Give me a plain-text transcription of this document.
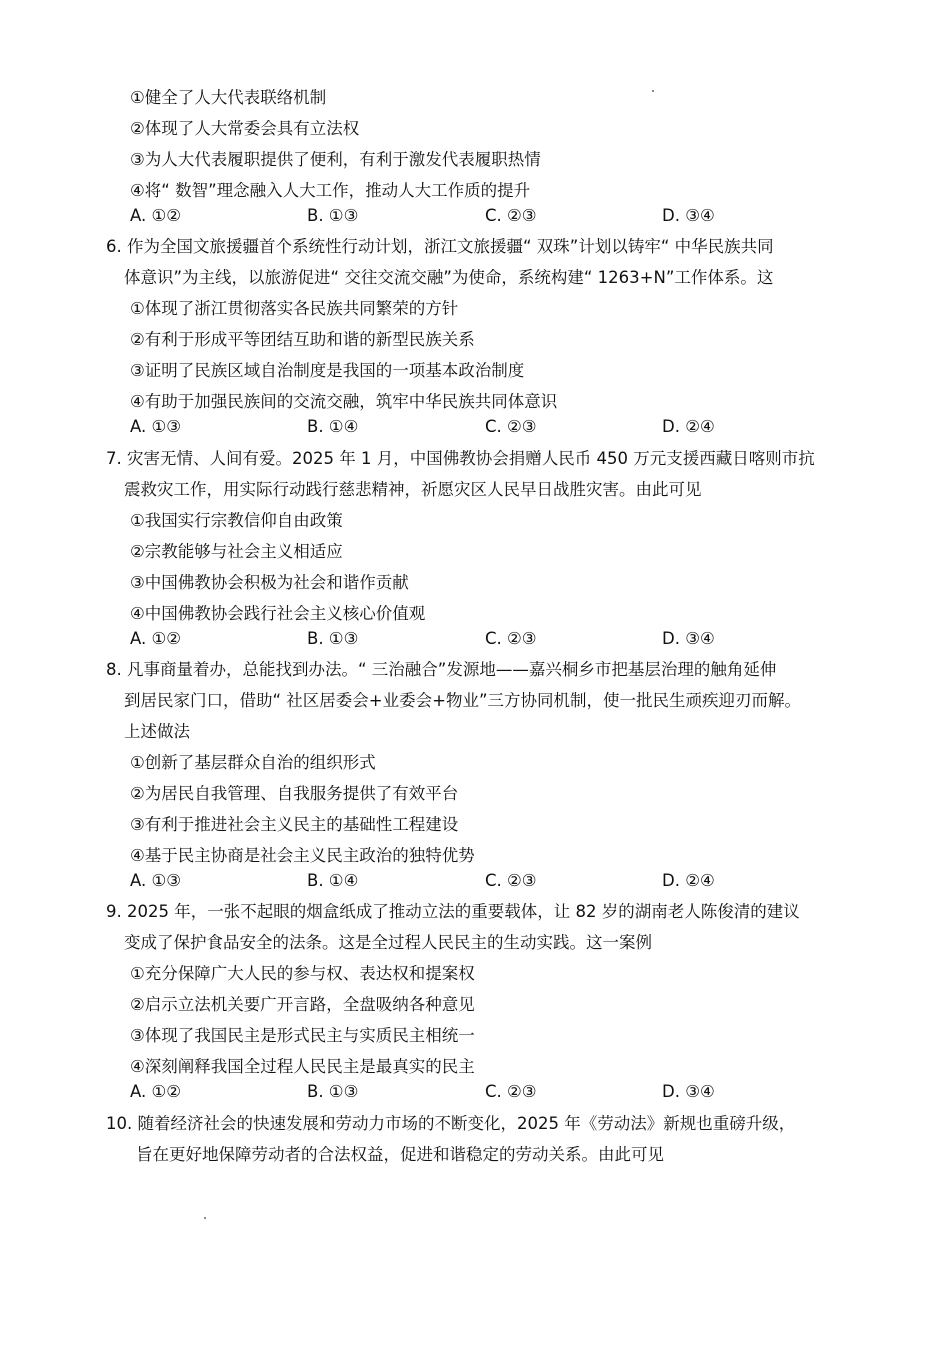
①健全了人大代表联络机制
②体现了人大常委会具有立法权
③为人大代表履职提供了便利，有利于激发代表履职热情
④将“ 数智”理念融入人大工作，推动人大工作质的提升
A. ①②	B. ①③	C. ②③	D. ③④
6. 作为全国文旅援疆首个系统性行动计划，浙江文旅援疆“ 双珠”计划以铸牢“ 中华民族共同
体意识”为主线，以旅游促进“ 交往交流交融”为使命，系统构建“ 1263+N”工作体系。这
①体现了浙江贯彻落实各民族共同繁荣的方针
②有利于形成平等团结互助和谐的新型民族关系
③证明了民族区域自治制度是我国的一项基本政治制度
④有助于加强民族间的交流交融，筑牢中华民族共同体意识
A. ①③	B. ①④	C. ②③	D. ②④
7. 灾害无情、人间有爱。2025 年 1 月，中国佛教协会捐赠人民币 450 万元支援西藏日喀则市抗
震救灾工作，用实际行动践行慈悲精神，祈愿灾区人民早日战胜灾害。由此可见
①我国实行宗教信仰自由政策
②宗教能够与社会主义相适应
③中国佛教协会积极为社会和谐作贡献
④中国佛教协会践行社会主义核心价值观
A. ①②	B. ①③	C. ②③	D. ③④
8. 凡事商量着办，总能找到办法。“ 三治融合”发源地——嘉兴桐乡市把基层治理的触角延伸
到居民家门口，借助“ 社区居委会+业委会+物业”三方协同机制，使一批民生顽疾迎刃而解。
上述做法
①创新了基层群众自治的组织形式
②为居民自我管理、自我服务提供了有效平台
③有利于推进社会主义民主的基础性工程建设
④基于民主协商是社会主义民主政治的独特优势
A. ①③	B. ①④	C. ②③	D. ②④
9. 2025 年，一张不起眼的烟盒纸成了推动立法的重要载体，让 82 岁的湖南老人陈俊清的建议
变成了保护食品安全的法条。这是全过程人民民主的生动实践。这一案例
①充分保障广大人民的参与权、表达权和提案权
②启示立法机关要广开言路，全盘吸纳各种意见
③体现了我国民主是形式民主与实质民主相统一
④深刻阐释我国全过程人民民主是最真实的民主
A. ①②	B. ①③	C. ②③	D. ③④
10. 随着经济社会的快速发展和劳动力市场的不断变化，2025 年《劳动法》新规也重磅升级，
旨在更好地保障劳动者的合法权益，促进和谐稳定的劳动关系。由此可见
